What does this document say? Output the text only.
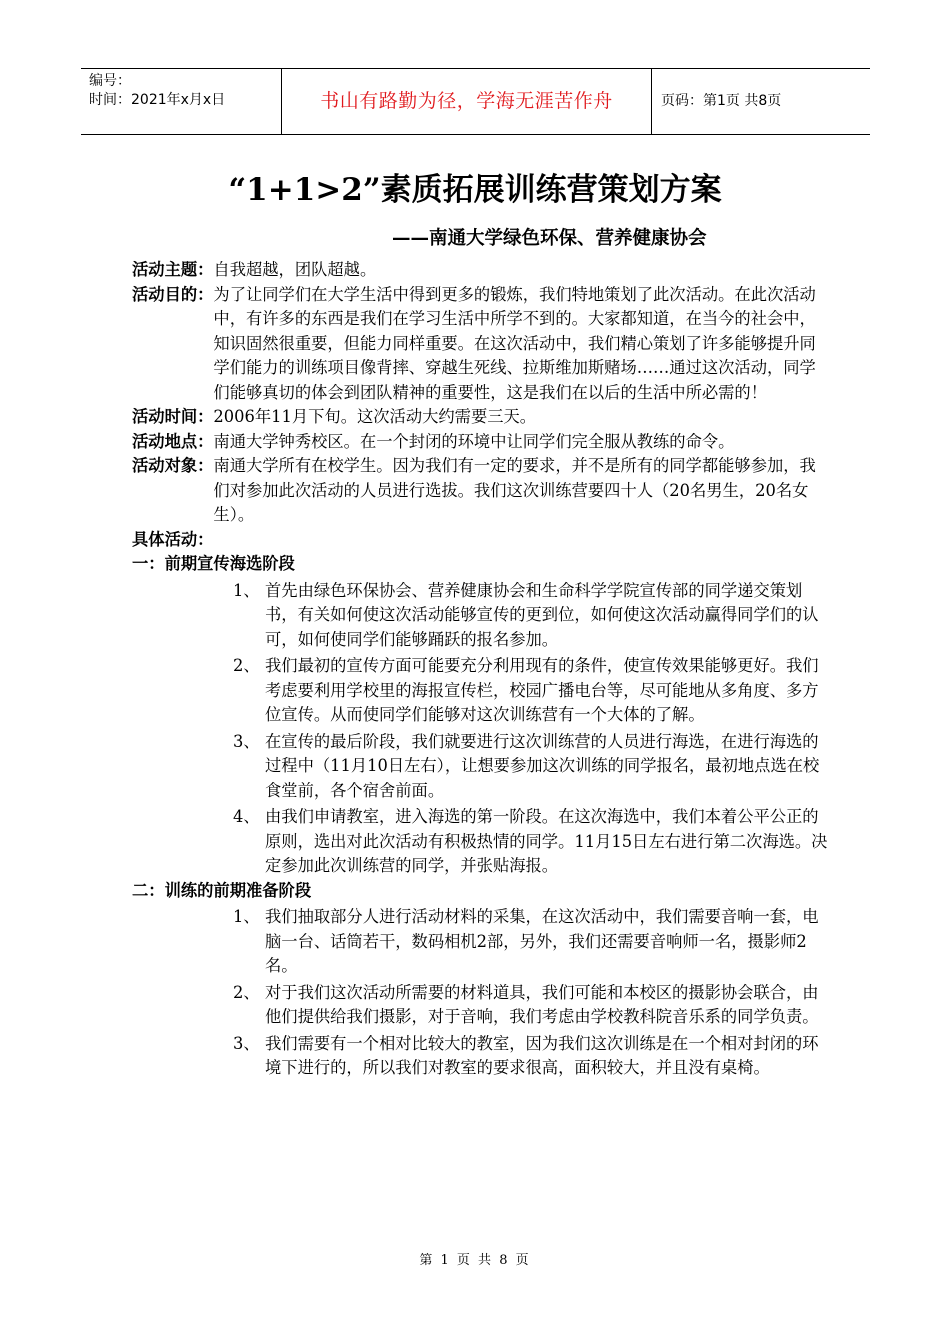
编号：
时间：2021年x月x日	书山有路勤为径，学海无涯苦作舟	页码：第1页 共8页
“1+1>2”素质拓展训练营策划方案
——南通大学绿色环保、营养健康协会
活动主题： 自我超越，团队超越。
活动目的： 为了让同学们在大学生活中得到更多的锻炼，我们特地策划了此次活动。在此次活动中，有许多的东西是我们在学习生活中所学不到的。大家都知道，在当今的社会中，知识固然很重要，但能力同样重要。在这次活动中，我们精心策划了许多能够提升同学们能力的训练项目像背摔、穿越生死线、拉斯维加斯赌场……通过这次活动，同学们能够真切的体会到团队精神的重要性，这是我们在以后的生活中所必需的！
活动时间： 2006年11月下旬。这次活动大约需要三天。
活动地点： 南通大学钟秀校区。在一个封闭的环境中让同学们完全服从教练的命令。
活动对象： 南通大学所有在校学生。因为我们有一定的要求，并不是所有的同学都能够参加，我们对参加此次活动的人员进行选拔。我们这次训练营要四十人（20名男生，20名女生）。
具体活动：
一：前期宣传海选阶段
1、 首先由绿色环保协会、营养健康协会和生命科学学院宣传部的同学递交策划书，有关如何使这次活动能够宣传的更到位，如何使这次活动赢得同学们的认可，如何使同学们能够踊跃的报名参加。
2、 我们最初的宣传方面可能要充分利用现有的条件，使宣传效果能够更好。我们考虑要利用学校里的海报宣传栏，校园广播电台等，尽可能地从多角度、多方位宣传。从而使同学们能够对这次训练营有一个大体的了解。
3、 在宣传的最后阶段，我们就要进行这次训练营的人员进行海选，在进行海选的过程中（11月10日左右），让想要参加这次训练的同学报名，最初地点选在校食堂前，各个宿舍前面。
4、 由我们申请教室，进入海选的第一阶段。在这次海选中，我们本着公平公正的原则，选出对此次活动有积极热情的同学。11月15日左右进行第二次海选。决定参加此次训练营的同学，并张贴海报。
二：训练的前期准备阶段
1、 我们抽取部分人进行活动材料的采集，在这次活动中，我们需要音响一套，电脑一台、话筒若干，数码相机2部，另外，我们还需要音响师一名，摄影师2名。
2、 对于我们这次活动所需要的材料道具，我们可能和本校区的摄影协会联合，由他们提供给我们摄影，对于音响，我们考虑由学校教科院音乐系的同学负责。
3、 我们需要有一个相对比较大的教室，因为我们这次训练是在一个相对封闭的环境下进行的，所以我们对教室的要求很高，面积较大，并且没有桌椅。
第 1 页 共 8 页
